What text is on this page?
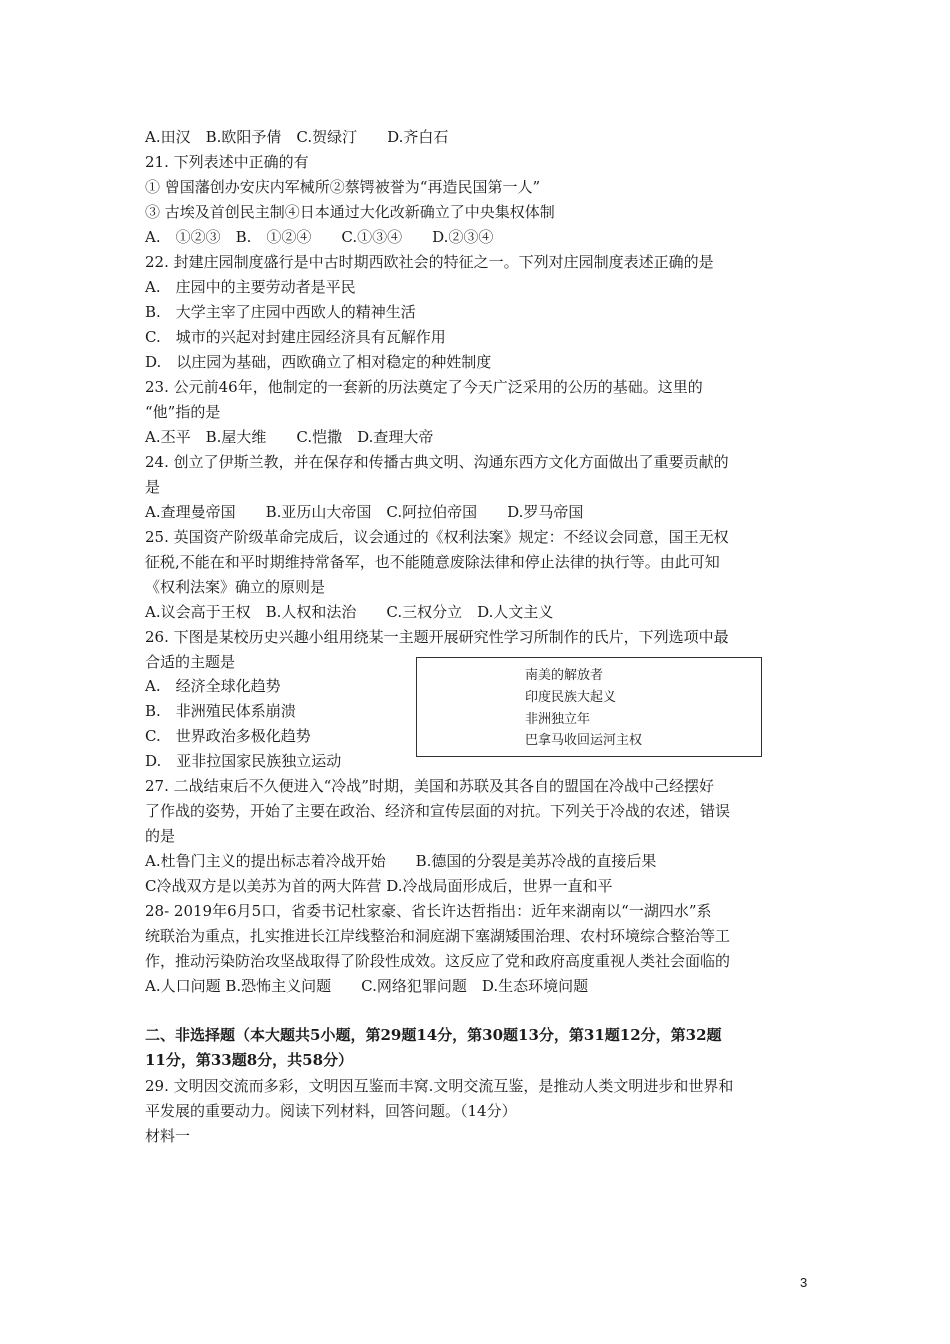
A.田汉　B.欧阳予倩　C.贺绿汀　　D.齐白石
21. 下列表述中正确的有
① 曾国藩创办安庆内军械所②蔡锷被誉为“再造民国第一人”
③ 古埃及首创民主制④日本通过大化改新确立了中央集权体制
A.　①②③　B.　①②④　　C.①③④　　D.②③④
22. 封建庄园制度盛行是中古时期西欧社会的特征之一。下列对庄园制度表述正确的是
A.　庄园中的主要劳动者是平民
B.　大学主宰了庄园中西欧人的精神生活
C.　城市的兴起对封建庄园经济具有瓦解作用
D.　以庄园为基础，西欧确立了相对稳定的种姓制度
23. 公元前46年，他制定的一套新的历法奠定了今天广泛采用的公历的基础。这里的
“他”指的是
A.丕平　B.屋大维　　C.恺撒　D.查理大帝
24. 创立了伊斯兰教，并在保存和传播古典文明、沟通东西方文化方面做出了重要贡献的
是
A.查理曼帝国　　B.亚历山大帝国　C.阿拉伯帝国　　D.罗马帝国
25. 英国资产阶级革命完成后，议会通过的《权利法案》规定：不经议会同意，国王无权
征税,不能在和平时期维持常备军，也不能随意废除法律和停止法律的执行等。由此可知
《权利法案》确立的原则是
A.议会高于王权　B.人权和法治　　C.三权分立　D.人文主义
26. 下图是某校历史兴趣小组用绕某一主题开展研究性学习所制作的氏片，下列选项中最
合适的主题是
A.　经济全球化趋势
B.　非洲殖民体系崩溃
C.　世界政治多极化趋势
D.　亚非拉国家民族独立运动
南美的解放者
印度民族大起义
非洲独立年
巴拿马收回运河主权
27. 二战结束后不久便进入“冷战”时期，美国和苏联及其各自的盟国在冷战中己经摆好
了作战的姿势，开始了主要在政治、经济和宣传层面的对抗。下列关于冷战的农述，错误
的是
A.杜鲁门主义的提出标志着冷战开始　　B.德国的分裂是美苏冷战的直接后果
C冷战双方是以美苏为首的两大阵营 D.冷战局面形成后，世界一直和平
28- 2019年6月5口，省委书记杜家豪、省长许达哲指出：近年来湖南以“一湖四水”系
统联治为重点，扎实推进长江岸线整治和洞庭湖下塞湖矮围治理、农村环境综合整治等工
作，推动污染防治攻坚战取得了阶段性成效。这反应了党和政府高度重视人类社会面临的
A.人口问题 B.恐怖主义问题　　C.网络犯罪问题　D.生态环境问题
二、非选择题（本大题共5小题，第29题14分，第30题13分，第31题12分，第32题
11分，第33题8分，共58分）
29. 文明因交流而多彩，文明因互鉴而丰窝.文明交流互鉴，是推动人类文明进步和世界和
平发展的重要动力。阅读下列材料，回答问题。（14分）
材料一
3
